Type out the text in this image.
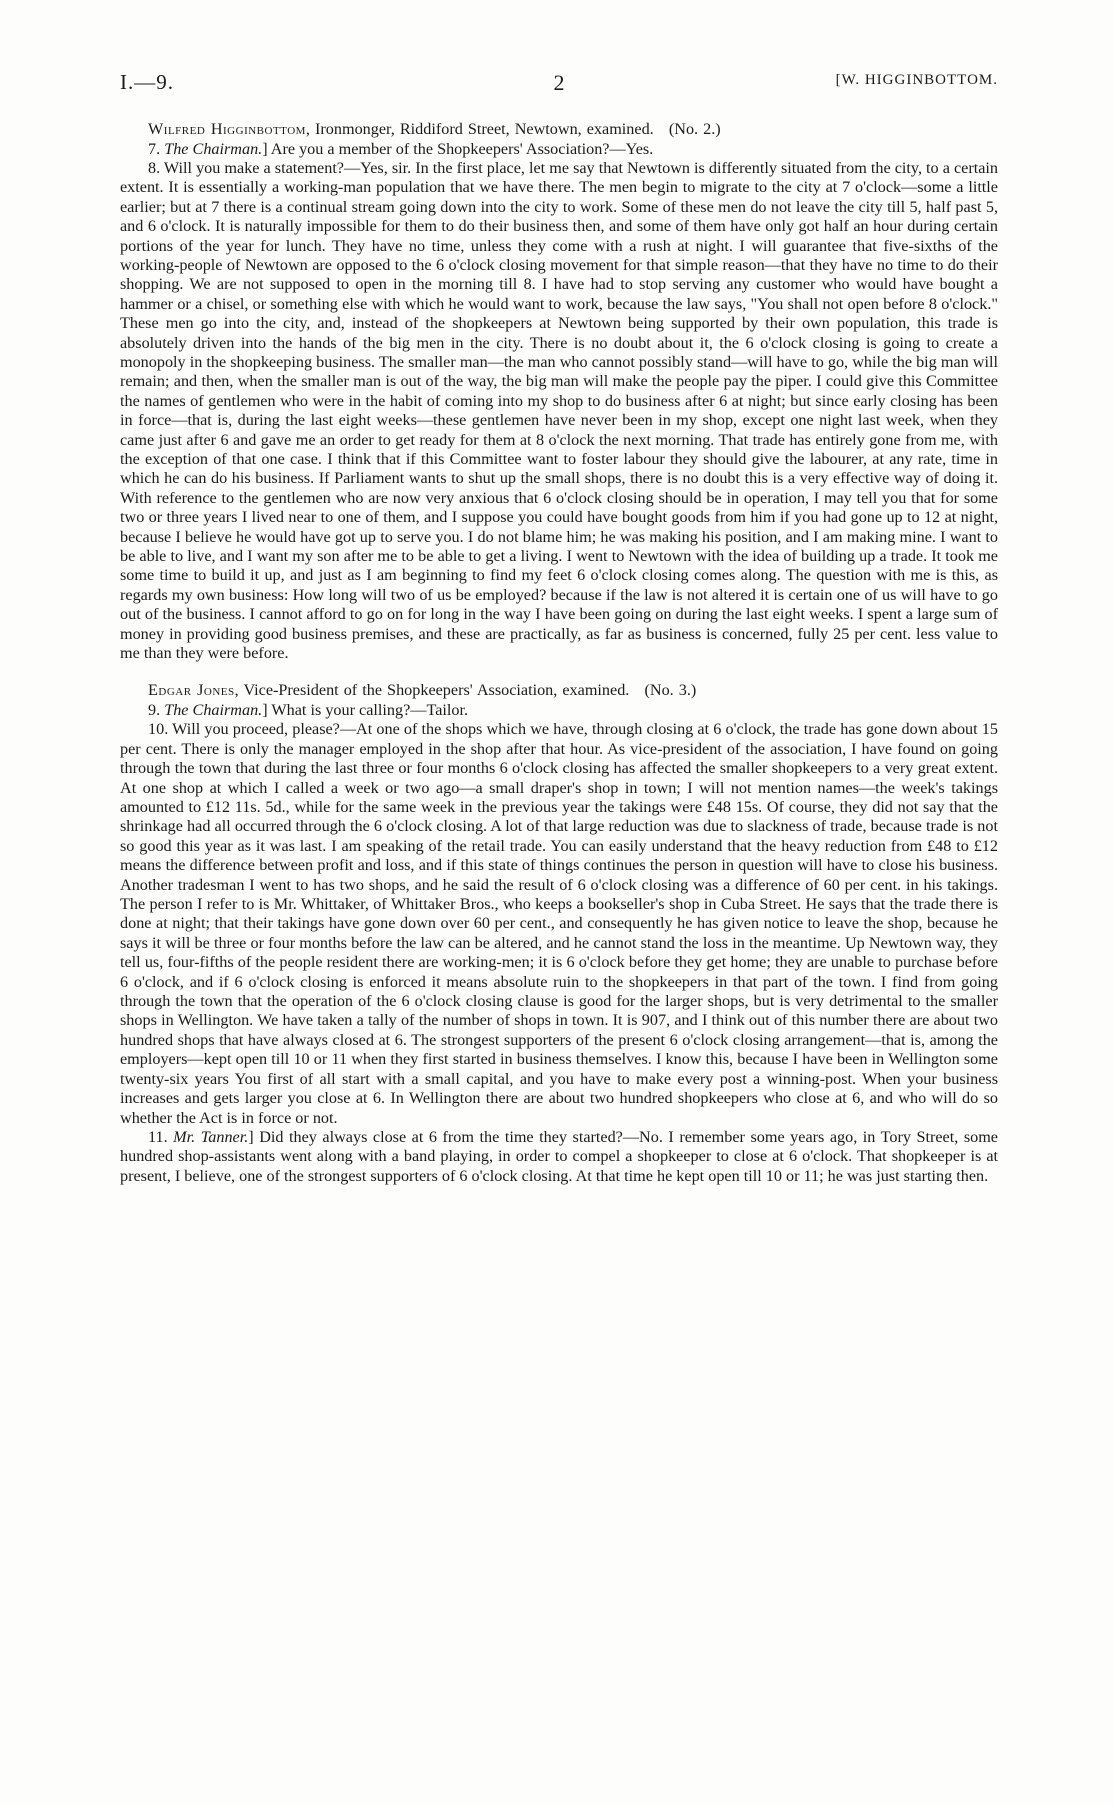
I.—9.	2	[W. HIGGINBOTTOM.
Wilfred Higginbottom, Ironmonger, Riddiford Street, Newtown, examined. (No. 2.)

7. The Chairman.] Are you a member of the Shopkeepers' Association?—Yes.

8. Will you make a statement?—Yes, sir. In the first place, let me say that Newtown is differently situated from the city, to a certain extent. It is essentially a working-man population that we have there. The men begin to migrate to the city at 7 o'clock—some a little earlier; but at 7 there is a continual stream going down into the city to work. Some of these men do not leave the city till 5, half past 5, and 6 o'clock. It is naturally impossible for them to do their business then, and some of them have only got half an hour during certain portions of the year for lunch. They have no time, unless they come with a rush at night. I will guarantee that five-sixths of the working-people of Newtown are opposed to the 6 o'clock closing movement for that simple reason—that they have no time to do their shopping. We are not supposed to open in the morning till 8. I have had to stop serving any customer who would have bought a hammer or a chisel, or something else with which he would want to work, because the law says, "You shall not open before 8 o'clock." These men go into the city, and, instead of the shopkeepers at Newtown being supported by their own population, this trade is absolutely driven into the hands of the big men in the city. There is no doubt about it, the 6 o'clock closing is going to create a monopoly in the shopkeeping business. The smaller man—the man who cannot possibly stand—will have to go, while the big man will remain; and then, when the smaller man is out of the way, the big man will make the people pay the piper. I could give this Committee the names of gentlemen who were in the habit of coming into my shop to do business after 6 at night; but since early closing has been in force—that is, during the last eight weeks—these gentlemen have never been in my shop, except one night last week, when they came just after 6 and gave me an order to get ready for them at 8 o'clock the next morning. That trade has entirely gone from me, with the exception of that one case. I think that if this Committee want to foster labour they should give the labourer, at any rate, time in which he can do his business. If Parliament wants to shut up the small shops, there is no doubt this is a very effective way of doing it. With reference to the gentlemen who are now very anxious that 6 o'clock closing should be in operation, I may tell you that for some two or three years I lived near to one of them, and I suppose you could have bought goods from him if you had gone up to 12 at night, because I believe he would have got up to serve you. I do not blame him; he was making his position, and I am making mine. I want to be able to live, and I want my son after me to be able to get a living. I went to Newtown with the idea of building up a trade. It took me some time to build it up, and just as I am beginning to find my feet 6 o'clock closing comes along. The question with me is this, as regards my own business: How long will two of us be employed? because if the law is not altered it is certain one of us will have to go out of the business. I cannot afford to go on for long in the way I have been going on during the last eight weeks. I spent a large sum of money in providing good business premises, and these are practically, as far as business is concerned, fully 25 per cent. less value to me than they were before.

Edgar Jones, Vice-President of the Shopkeepers' Association, examined. (No. 3.)

9. The Chairman.] What is your calling?—Tailor.

10. Will you proceed, please?—At one of the shops which we have, through closing at 6 o'clock, the trade has gone down about 15 per cent. There is only the manager employed in the shop after that hour. As vice-president of the association, I have found on going through the town that during the last three or four months 6 o'clock closing has affected the smaller shopkeepers to a very great extent. At one shop at which I called a week or two ago—a small draper's shop in town; I will not mention names—the week's takings amounted to £12 11s. 5d., while for the same week in the previous year the takings were £48 15s. Of course, they did not say that the shrinkage had all occurred through the 6 o'clock closing. A lot of that large reduction was due to slackness of trade, because trade is not so good this year as it was last. I am speaking of the retail trade. You can easily understand that the heavy reduction from £48 to £12 means the difference between profit and loss, and if this state of things continues the person in question will have to close his business. Another tradesman I went to has two shops, and he said the result of 6 o'clock closing was a difference of 60 per cent. in his takings. The person I refer to is Mr. Whittaker, of Whittaker Bros., who keeps a bookseller's shop in Cuba Street. He says that the trade there is done at night; that their takings have gone down over 60 per cent., and consequently he has given notice to leave the shop, because he says it will be three or four months before the law can be altered, and he cannot stand the loss in the meantime. Up Newtown way, they tell us, four-fifths of the people resident there are working-men; it is 6 o'clock before they get home; they are unable to purchase before 6 o'clock, and if 6 o'clock closing is enforced it means absolute ruin to the shopkeepers in that part of the town. I find from going through the town that the operation of the 6 o'clock closing clause is good for the larger shops, but is very detrimental to the smaller shops in Wellington. We have taken a tally of the number of shops in town. It is 907, and I think out of this number there are about two hundred shops that have always closed at 6. The strongest supporters of the present 6 o'clock closing arrangement—that is, among the employers—kept open till 10 or 11 when they first started in business themselves. I know this, because I have been in Wellington some twenty-six years You first of all start with a small capital, and you have to make every post a winning-post. When your business increases and gets larger you close at 6. In Wellington there are about two hundred shopkeepers who close at 6, and who will do so whether the Act is in force or not.

11. Mr. Tanner.] Did they always close at 6 from the time they started?—No. I remember some years ago, in Tory Street, some hundred shop-assistants went along with a band playing, in order to compel a shopkeeper to close at 6 o'clock. That shopkeeper is at present, I believe, one of the strongest supporters of 6 o'clock closing. At that time he kept open till 10 or 11; he was just starting then.
